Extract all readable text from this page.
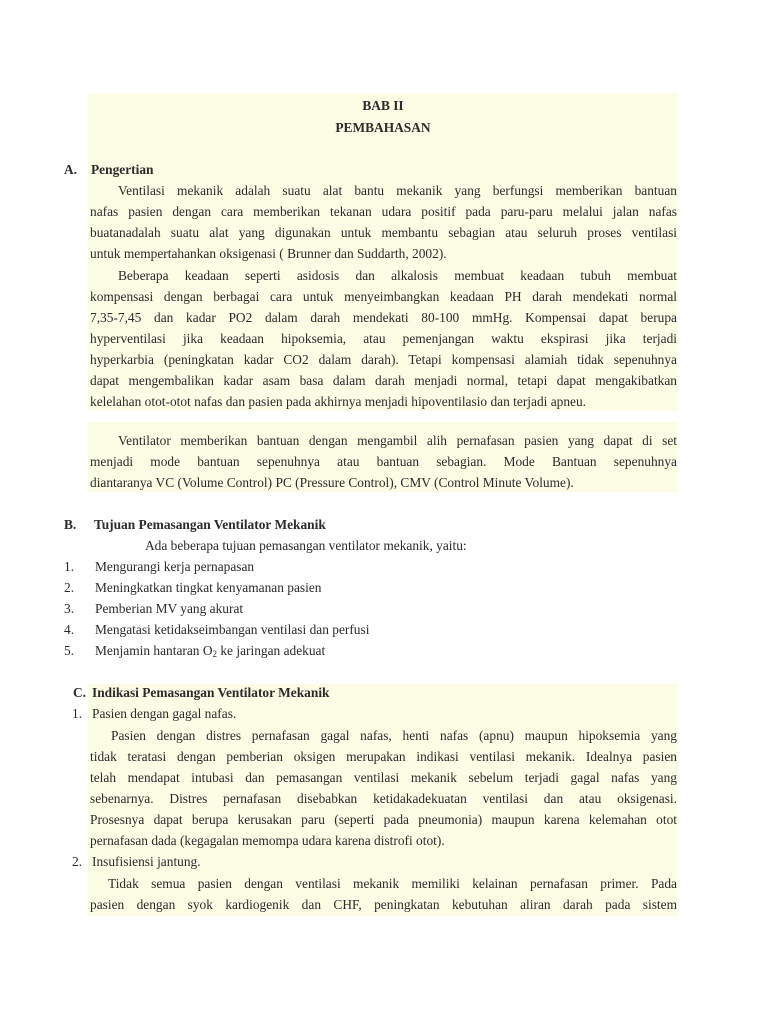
BAB II
PEMBAHASAN
A. Pengertian
Ventilasi mekanik adalah suatu alat bantu mekanik yang berfungsi memberikan bantuan
nafas pasien dengan cara memberikan tekanan udara positif pada paru-paru melalui jalan nafas
buatanadalah suatu alat yang digunakan untuk membantu sebagian atau seluruh proses ventilasi
untuk mempertahankan oksigenasi ( Brunner dan Suddarth, 2002).
Beberapa keadaan seperti asidosis dan alkalosis membuat keadaan tubuh membuat
kompensasi dengan berbagai cara untuk menyeimbangkan keadaan PH darah mendekati normal
7,35-7,45 dan kadar PO2 dalam darah mendekati 80-100 mmHg. Kompensai dapat berupa
hyperventilasi jika keadaan hipoksemia, atau pemenjangan waktu ekspirasi jika terjadi
hyperkarbia (peningkatan kadar CO2 dalam darah). Tetapi kompensasi alamiah tidak sepenuhnya
dapat mengembalikan kadar asam basa dalam darah menjadi normal, tetapi dapat mengakibatkan
kelelahan otot-otot nafas dan pasien pada akhirnya menjadi hipoventilasio dan terjadi apneu.
Ventilator memberikan bantuan dengan mengambil alih pernafasan pasien yang dapat di set
menjadi mode bantuan sepenuhnya atau bantuan sebagian. Mode Bantuan sepenuhnya
diantaranya VC (Volume Control) PC (Pressure Control), CMV (Control Minute Volume).
B. Tujuan Pemasangan Ventilator Mekanik
Ada beberapa tujuan pemasangan ventilator mekanik, yaitu:
1. Mengurangi kerja pernapasan
2. Meningkatkan tingkat kenyamanan pasien
3. Pemberian MV yang akurat
4. Mengatasi ketidakseimbangan ventilasi dan perfusi
5. Menjamin hantaran $O_2$ ke jaringan adekuat
C. Indikasi Pemasangan Ventilator Mekanik
1. Pasien dengan gagal nafas.
Pasien dengan distres pernafasan gagal nafas, henti nafas (apnu) maupun hipoksemia yang
tidak teratasi dengan pemberian oksigen merupakan indikasi ventilasi mekanik. Idealnya pasien
telah mendapat intubasi dan pemasangan ventilasi mekanik sebelum terjadi gagal nafas yang
sebenarnya. Distres pernafasan disebabkan ketidakadekuatan ventilasi dan atau oksigenasi.
Prosesnya dapat berupa kerusakan paru (seperti pada pneumonia) maupun karena kelemahan otot
pernafasan dada (kegagalan memompa udara karena distrofi otot).
2. Insufisiensi jantung.
Tidak semua pasien dengan ventilasi mekanik memiliki kelainan pernafasan primer. Pada
pasien dengan syok kardiogenik dan CHF, peningkatan kebutuhan aliran darah pada sistem
